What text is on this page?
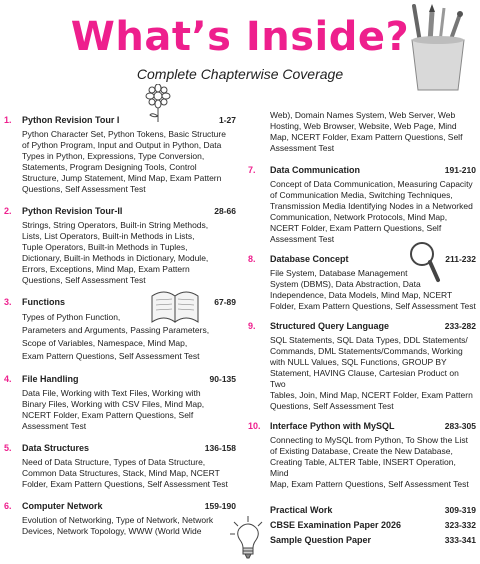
What’s Inside?
Complete Chapterwise Coverage
1.	Python Revision Tour I	1-27
Python Character Set, Python Tokens, Basic Structure
of Python Program, Input and Output in Python, Data
Types in Python, Expressions, Type Conversion,
Statements, Program Designing Tools, Control
Structure, Jump Statement, Mind Map, Exam Pattern
Questions, Self Assessment Test
2.	Python Revision Tour-II	28-66
Strings, String Operators, Built-in String Methods,
Lists, List Operators, Built-in Methods in Lists,
Tuple Operators, Built-in Methods in Tuples,
Dictionary, Built-in Methods in Dictionary, Module,
Errors, Exceptions, Mind Map, Exam Pattern
Questions, Self Assessment Test
3.	Functions	67-89
Types of Python Function,
Parameters and Arguments, Passing Parameters,
Scope of Variables, Namespace, Mind Map,
Exam Pattern Questions, Self Assessment Test
4.	File Handling	90-135
Data File, Working with Text Files, Working with
Binary Files, Working with CSV Files, Mind Map,
NCERT Folder, Exam Pattern Questions, Self
Assessment Test
5.	Data Structures	136-158
Need of Data Structure, Types of Data Structure,
Common Data Structures, Stack, Mind Map, NCERT
Folder, Exam Pattern Questions, Self Assessment Test
6.	Computer Network	159-190
Evolution of Networking, Type of Network, Network
Devices, Network Topology, WWW (World Wide
Web), Domain Names System, Web Server, Web
Hosting, Web Browser, Website, Web Page, Mind
Map, NCERT Folder, Exam Pattern Questions, Self
Assessment Test
7.	Data Communication	191-210
Concept of Data Communication, Measuring Capacity
of Communication Media, Switching Techniques,
Transmission Media Identifying Nodes in a Networked
Communication, Network Protocols, Mind Map,
NCERT Folder, Exam Pattern Questions, Self
Assessment Test
8.	Database Concept	211-232
File System, Database Management
System (DBMS), Data Abstraction, Data
Independence, Data Models, Mind Map, NCERT
Folder, Exam Pattern Questions, Self Assessment Test
9.	Structured Query Language	233-282
SQL Statements, SQL Data Types, DDL Statements/
Commands, DML Statements/Commands, Working
with NULL Values, SQL Functions, GROUP BY
Statement, HAVING Clause, Cartesian Product on Two
Tables, Join, Mind Map, NCERT Folder, Exam Pattern
Questions, Self Assessment Test
10.	Interface Python with MySQL	283-305
Connecting to MySQL from Python, To Show the List
of Existing Database, Create the New Database,
Creating Table, ALTER Table, INSERT Operation, Mind
Map, Exam Pattern Questions, Self Assessment Test
Practical Work	309-319
CBSE Examination Paper 2026	323-332
Sample Question Paper	333-341
